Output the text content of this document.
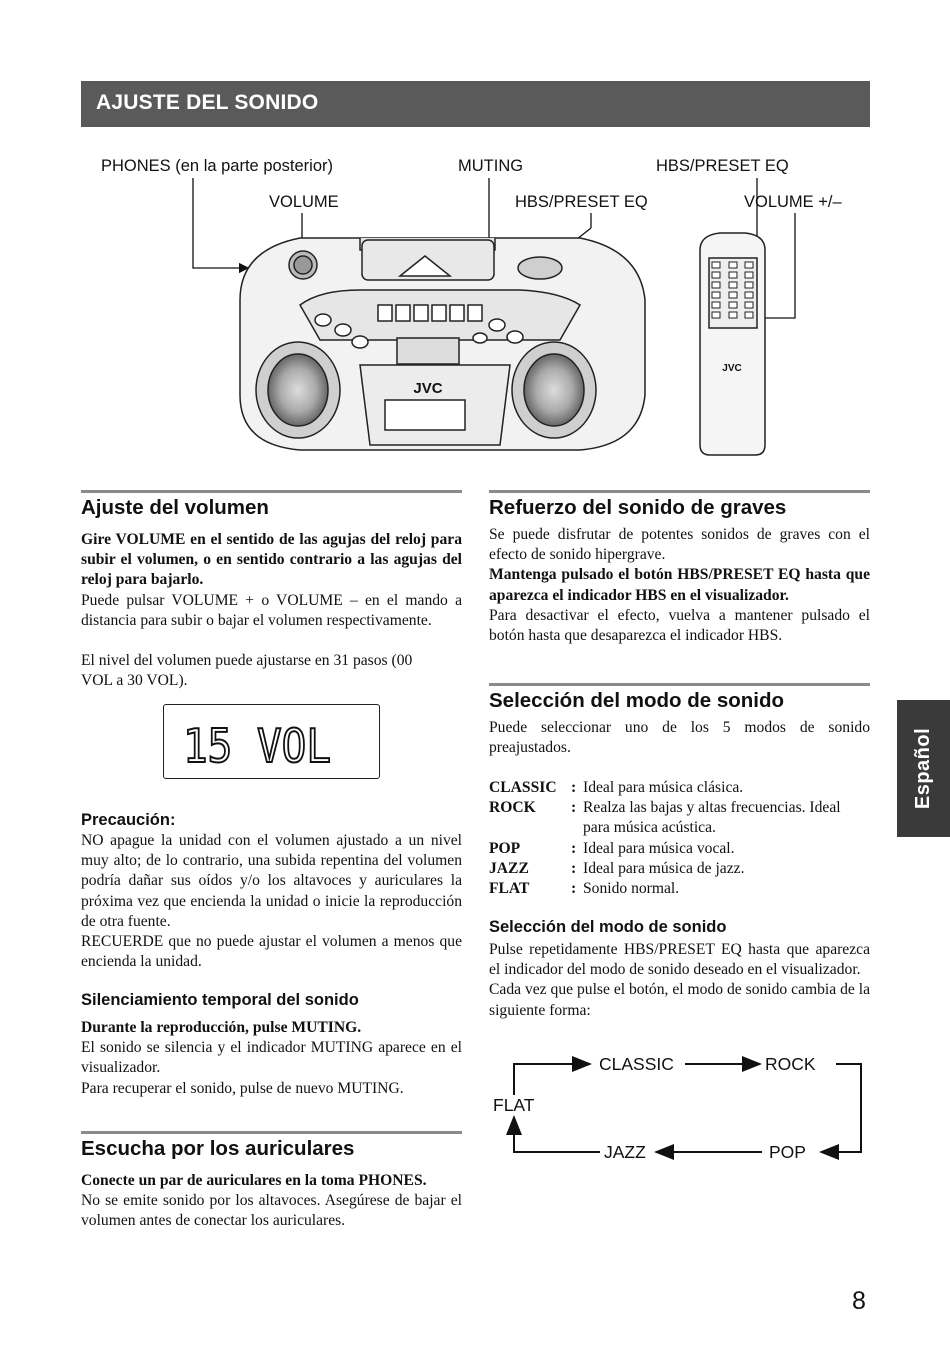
AJUSTE DEL SONIDO
PHONES (en la parte posterior)	MUTING	HBS/PRESET EQ
VOLUME	HBS/PRESET EQ	VOLUME +/–
JVC
JVC
Ajuste del volumen

Gire VOLUME en el sentido de las agujas del reloj para subir el volumen, o en sentido contrario a las agujas del reloj para bajarlo.

Puede pulsar VOLUME + o VOLUME – en el mando a distancia para subir o bajar el volumen respectivamente.

El nivel del volumen puede ajustarse en 31 pasos (00 VOL a 30 VOL).

15 VOL
Precaución:

NO apague la unidad con el volumen ajustado a un nivel muy alto; de lo contrario, una subida repentina del volumen podría dañar sus oídos y/o los altavoces y auriculares la próxima vez que encienda la unidad o inicie la reproducción de otra fuente.

RECUERDE que no puede ajustar el volumen a menos que encienda la unidad.

Silenciamiento temporal del sonido

Durante la reproducción, pulse MUTING.

El sonido se silencia y el indicador MUTING aparece en el visualizador.

Para recuperar el sonido, pulse de nuevo MUTING.

Escucha por los auriculares

Conecte un par de auriculares en la toma PHONES.

No se emite sonido por los altavoces. Asegúrese de bajar el volumen antes de conectar los auriculares.

Refuerzo del sonido de graves

Se puede disfrutar de potentes sonidos de graves con el efecto de sonido hipergrave.

Mantenga pulsado el botón HBS/PRESET EQ hasta que aparezca el indicador HBS en el visualizador.

Para desactivar el efecto, vuelva a mantener pulsado el botón hasta que desaparezca el indicador HBS.

Selección del modo de sonido

Puede seleccionar uno de los 5 modos de sonido preajustados.

CLASSIC : Ideal para música clásica.
ROCK	: Realza las bajas y altas frecuencias. Ideal para música acústica.
POP	: Ideal para música vocal.
JAZZ	: Ideal para música de jazz.
FLAT	: Sonido normal.
Selección del modo de sonido

Pulse repetidamente HBS/PRESET EQ hasta que aparezca el indicador del modo de sonido deseado en el visualizador.

Cada vez que pulse el botón, el modo de sonido cambia de la siguiente forma:

CLASSIC	ROCK
FLAT
JAZZ	POP
Español
8
